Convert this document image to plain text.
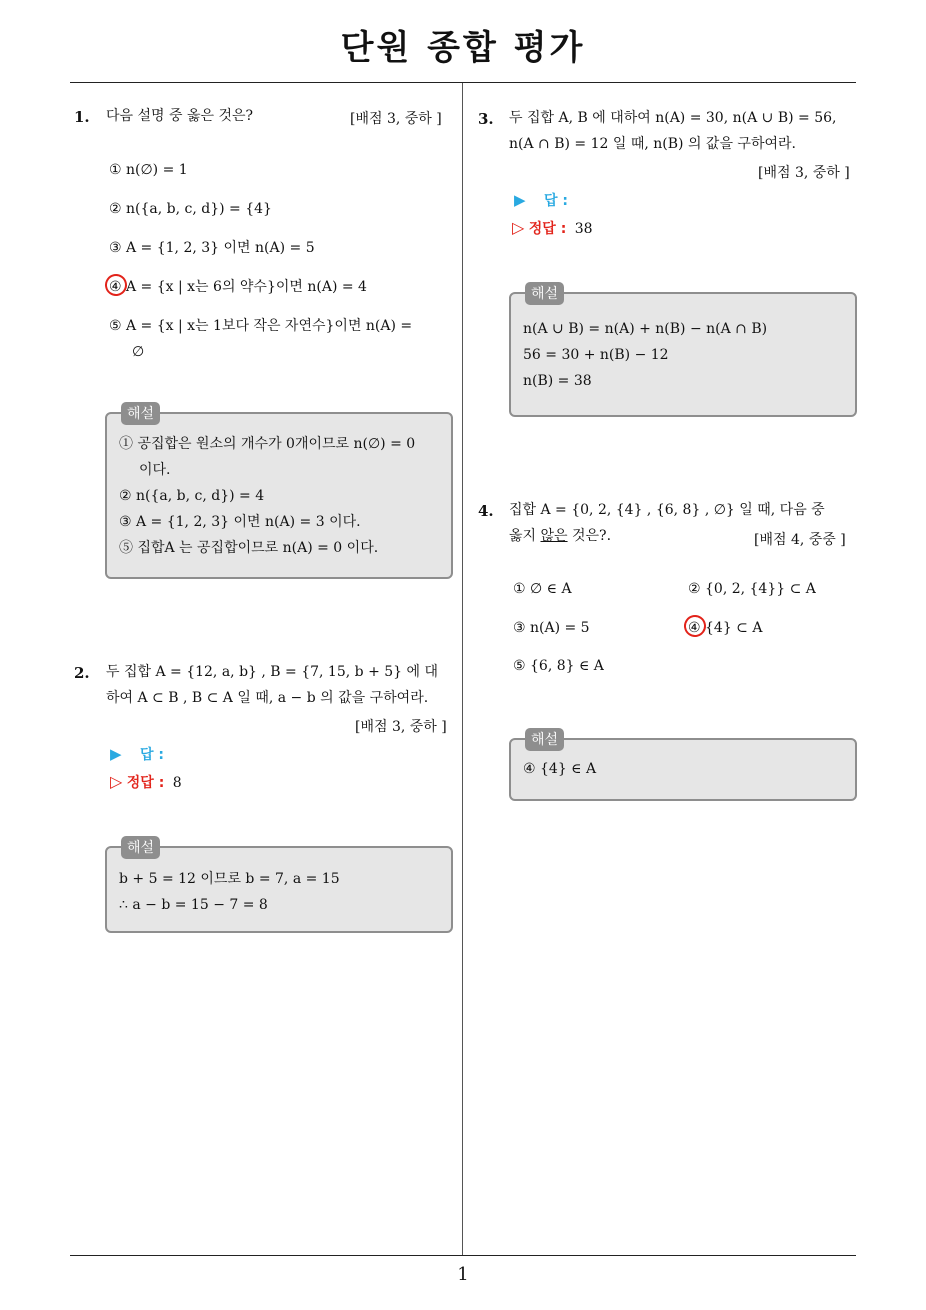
단원 종합 평가
1
1. 다음 설명 중 옳은 것은?	[배점 3, 중하 ]
① n(∅) = 1
② n({a, b, c, d}) = {4}
③ A = {1, 2, 3} 이면 n(A) = 5
④ A = {x | x는 6의 약수}이면 n(A) = 4
⑤ A = {x | x는 1보다 작은 자연수}이면 n(A) =
∅
해설
① 공집합은 원소의 개수가 0개이므로 n(∅) = 0
이다.
② n({a, b, c, d}) = 4
③ A = {1, 2, 3} 이면 n(A) = 3 이다.
⑤ 집합A 는 공집합이므로 n(A) = 0 이다.
2. 두 집합 A = {12, a, b} , B = {7, 15, b + 5} 에 대
하여 A ⊂ B , B ⊂ A 일 때, a − b 의 값을 구하여라.
[배점 3, 중하 ]
▶ 답 :
▷ 정답 : 8
해설
b + 5 = 12 이므로 b = 7, a = 15
∴ a − b = 15 − 7 = 8
3. 두 집합 A, B 에 대하여 n(A) = 30, n(A ∪ B) = 56,
n(A ∩ B) = 12 일 때, n(B) 의 값을 구하여라.
[배점 3, 중하 ]
▶ 답 :
▷ 정답 : 38
해설
n(A ∪ B) = n(A) + n(B) − n(A ∩ B)
56 = 30 + n(B) − 12
n(B) = 38
4. 집합 A = {0, 2, {4} , {6, 8} , ∅} 일 때, 다음 중
옳지 않은 것은?.	[배점 4, 중중 ]
① ∅ ∈ A	② {0, 2, {4}} ⊂ A
③ n(A) = 5	④ {4} ⊂ A
⑤ {6, 8} ∈ A
해설
④ {4} ∈ A
